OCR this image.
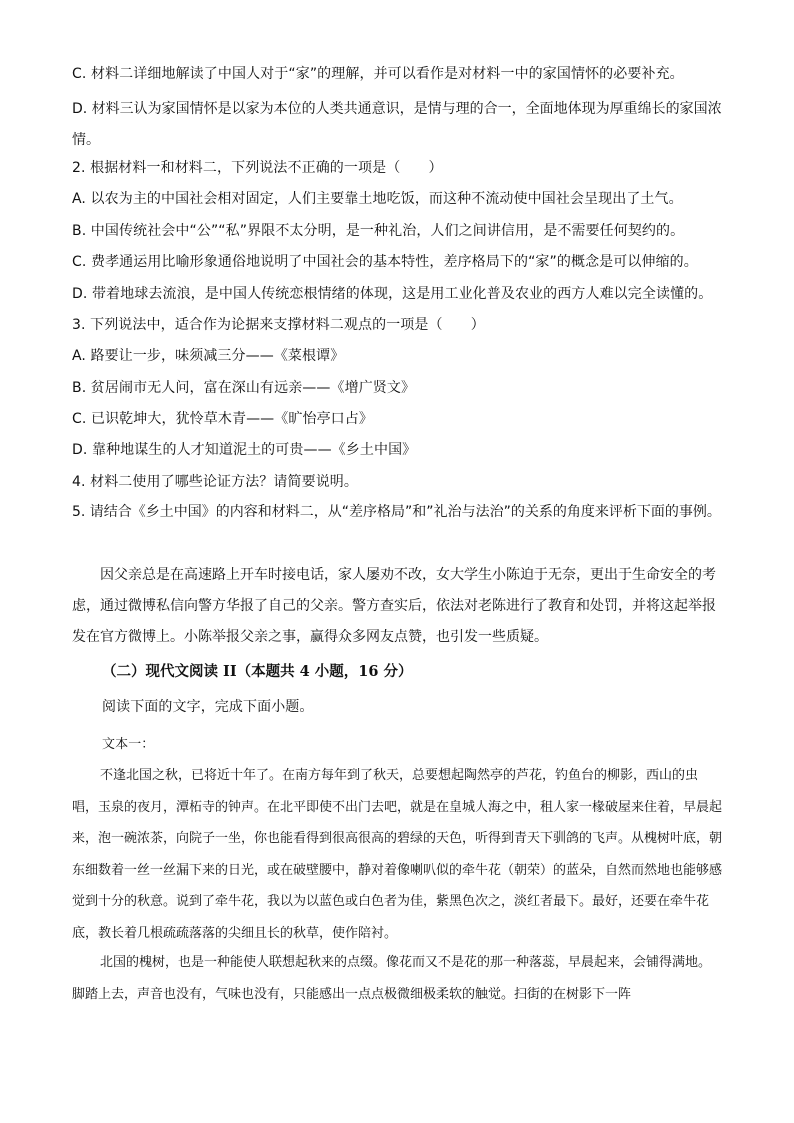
C. 材料二详细地解读了中国人对于“家”的理解，并可以看作是对材料一中的家国情怀的必要补充。
D. 材料三认为家国情怀是以家为本位的人类共通意识，是情与理的合一，全面地体现为厚重绵长的家国浓情。
2. 根据材料一和材料二，下列说法不正确的一项是（　　）
A. 以农为主的中国社会相对固定，人们主要靠土地吃饭，而这种不流动使中国社会呈现出了土气。
B. 中国传统社会中“公”“私”界限不太分明，是一种礼治，人们之间讲信用，是不需要任何契约的。
C. 费孝通运用比喻形象通俗地说明了中国社会的基本特性，差序格局下的“家”的概念是可以伸缩的。
D. 带着地球去流浪，是中国人传统恋根情绪的体现，这是用工业化普及农业的西方人难以完全读懂的。
3. 下列说法中，适合作为论据来支撑材料二观点的一项是（　　）
A. 路要让一步，味须减三分——《菜根谭》
B. 贫居闹市无人问，富在深山有远亲——《增广贤文》
C. 已识乾坤大，犹怜草木青——《旷怡亭口占》
D. 靠种地谋生的人才知道泥土的可贵——《乡土中国》
4. 材料二使用了哪些论证方法？请简要说明。
5. 请结合《乡土中国》的内容和材料二，从“差序格局”和”礼治与法治”的关系的角度来评析下面的事例。
因父亲总是在高速路上开车时接电话，家人屡劝不改，女大学生小陈迫于无奈，更出于生命安全的考虑，通过微博私信向警方华报了自己的父亲。警方查实后，依法对老陈进行了教育和处罚，并将这起举报发在官方微博上。小陈举报父亲之事，赢得众多网友点赞，也引发一些质疑。
（二）现代文阅读 II（本题共 4 小题，16 分）
阅读下面的文字，完成下面小题。
文本一：
不逢北国之秋，已将近十年了。在南方每年到了秋天，总要想起陶然亭的芦花，钓鱼台的柳影，西山的虫唱，玉泉的夜月，潭柘寺的钟声。在北平即使不出门去吧，就是在皇城人海之中，租人家一椽破屋来住着，早晨起来，泡一碗浓茶，向院子一坐，你也能看得到很高很高的碧绿的天色，听得到青天下驯鸽的飞声。从槐树叶底，朝东细数着一丝一丝漏下来的日光，或在破壁腰中，静对着像喇叭似的牵牛花（朝荣）的蓝朵，自然而然地也能够感觉到十分的秋意。说到了牵牛花，我以为以蓝色或白色者为佳，紫黑色次之，淡红者最下。最好，还要在牵牛花底，教长着几根疏疏落落的尖细且长的秋草，使作陪衬。
北国的槐树，也是一种能使人联想起秋来的点缀。像花而又不是花的那一种落蕊，早晨起来，会铺得满地。脚踏上去，声音也没有，气味也没有，只能感出一点点极微细极柔软的触觉。扫街的在树影下一阵
